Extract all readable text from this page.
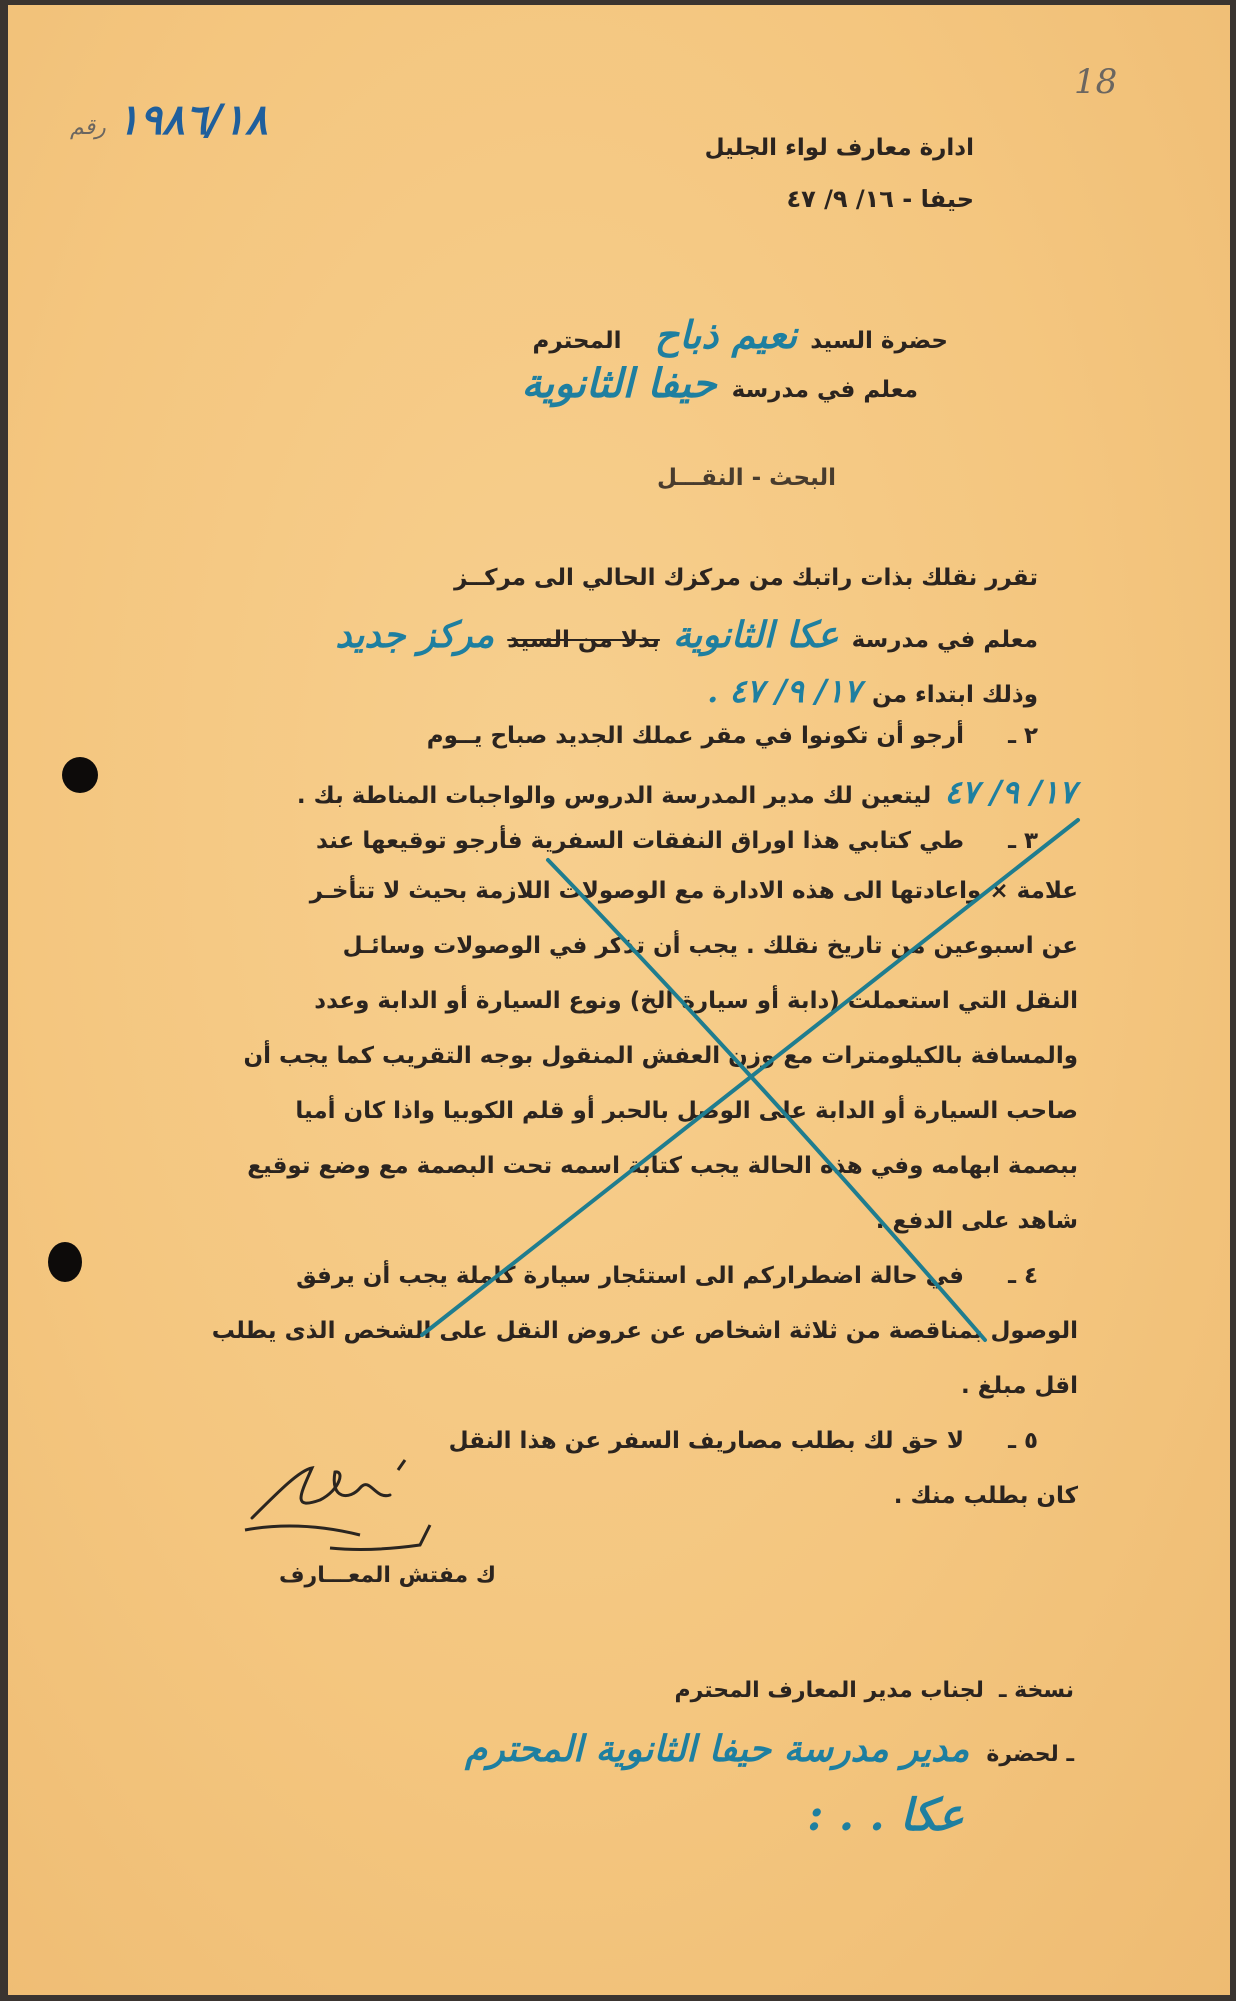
18
١٩٨٦/١٨ رقم
ادارة معارف لواء الجليل
حيفا - ١٦/ ٩/ ٤٧
حضرة السيد نعيم ذباح المحترم
معلم في مدرسة حيفا الثانوية
البحث - النقـــل
تقرر نقلك بذات راتبك من مركزك الحالي الى مركــز
معلم في مدرسة عكا الثانوية بدلا من السيد مركز جديد
وذلك ابتداء من ١٧/ ٩/ ٤٧ .
٢ ـ
أرجو أن تكونوا في مقر عملك الجديد صباح يــوم
١٧/ ٩/ ٤٧ ليتعين لك مدير المدرسة الدروس والواجبات المناطة بك .
٣ ـ
طي كتابي هذا اوراق النفقات السفرية فأرجو توقيعها عند
علامة × واعادتها الى هذه الادارة مع الوصولات اللازمة بحيث لا تتأخـر
عن اسبوعين من تاريخ نقلك . يجب أن تذكر في الوصولات وسائـل
النقل التي استعملت (دابة أو سيارة الخ) ونوع السيارة أو الدابة وعدد
والمسافة بالكيلومترات مع وزن العفش المنقول بوجه التقريب كما يجب أن
صاحب السيارة أو الدابة على الوصل بالحبر أو قلم الكوبيا واذا كان أميا
ببصمة ابهامه وفي هذه الحالة يجب كتابة اسمه تحت البصمة مع وضع توقيع
شاهد على الدفع .
٤ ـ
في حالة اضطراركم الى استئجار سيارة كاملة يجب أن يرفق
الوصول بمناقصة من ثلاثة اشخاص عن عروض النقل على الشخص الذى يطلب
اقل مبلغ .
٥ ـ
لا حق لك بطلب مصاريف السفر عن هذا النقل
كان بطلب منك .
ك مفتش المعـــارف
نسخة ـ لجناب مدير المعارف المحترم
ـ لحضرة مدير مدرسة حيفا الثانوية المحترم
عكا . . :
